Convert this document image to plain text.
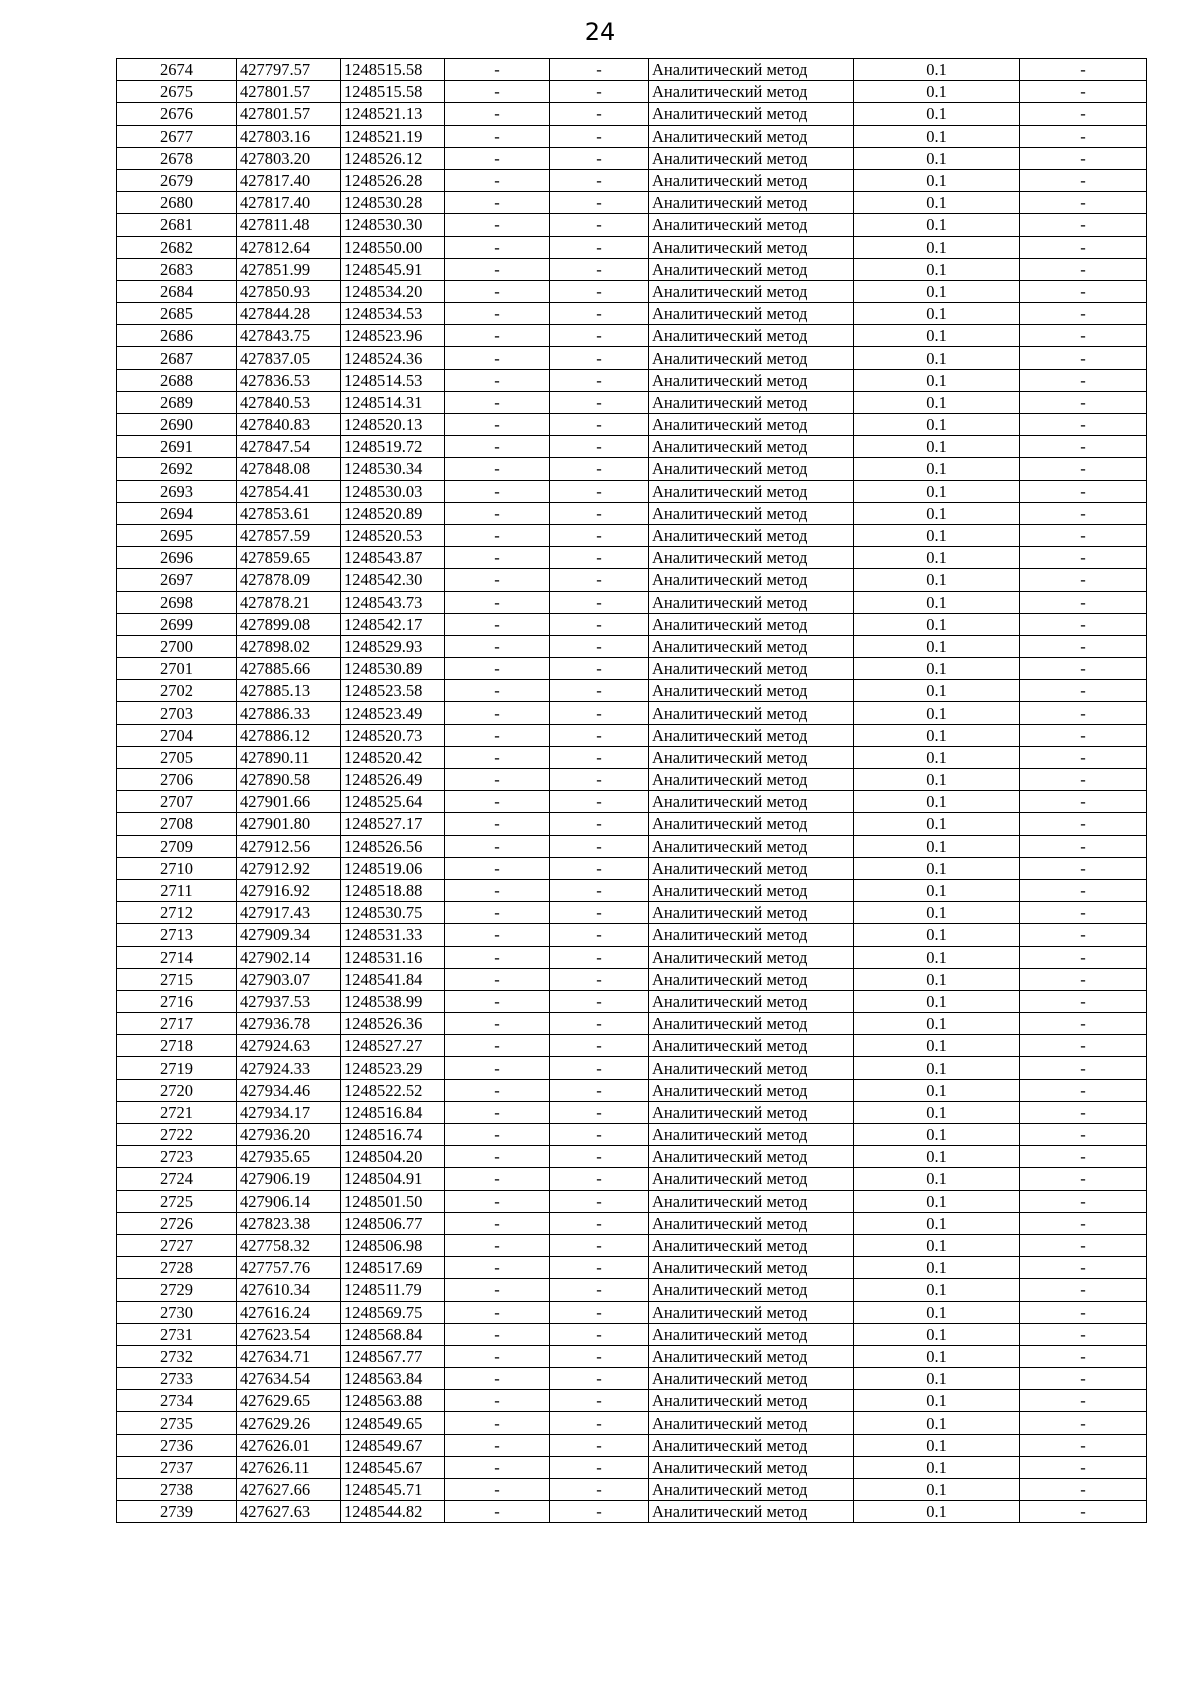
24
2674	427797.57	1248515.58	-	-	Аналитический метод	0.1	-
2675	427801.57	1248515.58	-	-	Аналитический метод	0.1	-
2676	427801.57	1248521.13	-	-	Аналитический метод	0.1	-
2677	427803.16	1248521.19	-	-	Аналитический метод	0.1	-
2678	427803.20	1248526.12	-	-	Аналитический метод	0.1	-
2679	427817.40	1248526.28	-	-	Аналитический метод	0.1	-
2680	427817.40	1248530.28	-	-	Аналитический метод	0.1	-
2681	427811.48	1248530.30	-	-	Аналитический метод	0.1	-
2682	427812.64	1248550.00	-	-	Аналитический метод	0.1	-
2683	427851.99	1248545.91	-	-	Аналитический метод	0.1	-
2684	427850.93	1248534.20	-	-	Аналитический метод	0.1	-
2685	427844.28	1248534.53	-	-	Аналитический метод	0.1	-
2686	427843.75	1248523.96	-	-	Аналитический метод	0.1	-
2687	427837.05	1248524.36	-	-	Аналитический метод	0.1	-
2688	427836.53	1248514.53	-	-	Аналитический метод	0.1	-
2689	427840.53	1248514.31	-	-	Аналитический метод	0.1	-
2690	427840.83	1248520.13	-	-	Аналитический метод	0.1	-
2691	427847.54	1248519.72	-	-	Аналитический метод	0.1	-
2692	427848.08	1248530.34	-	-	Аналитический метод	0.1	-
2693	427854.41	1248530.03	-	-	Аналитический метод	0.1	-
2694	427853.61	1248520.89	-	-	Аналитический метод	0.1	-
2695	427857.59	1248520.53	-	-	Аналитический метод	0.1	-
2696	427859.65	1248543.87	-	-	Аналитический метод	0.1	-
2697	427878.09	1248542.30	-	-	Аналитический метод	0.1	-
2698	427878.21	1248543.73	-	-	Аналитический метод	0.1	-
2699	427899.08	1248542.17	-	-	Аналитический метод	0.1	-
2700	427898.02	1248529.93	-	-	Аналитический метод	0.1	-
2701	427885.66	1248530.89	-	-	Аналитический метод	0.1	-
2702	427885.13	1248523.58	-	-	Аналитический метод	0.1	-
2703	427886.33	1248523.49	-	-	Аналитический метод	0.1	-
2704	427886.12	1248520.73	-	-	Аналитический метод	0.1	-
2705	427890.11	1248520.42	-	-	Аналитический метод	0.1	-
2706	427890.58	1248526.49	-	-	Аналитический метод	0.1	-
2707	427901.66	1248525.64	-	-	Аналитический метод	0.1	-
2708	427901.80	1248527.17	-	-	Аналитический метод	0.1	-
2709	427912.56	1248526.56	-	-	Аналитический метод	0.1	-
2710	427912.92	1248519.06	-	-	Аналитический метод	0.1	-
2711	427916.92	1248518.88	-	-	Аналитический метод	0.1	-
2712	427917.43	1248530.75	-	-	Аналитический метод	0.1	-
2713	427909.34	1248531.33	-	-	Аналитический метод	0.1	-
2714	427902.14	1248531.16	-	-	Аналитический метод	0.1	-
2715	427903.07	1248541.84	-	-	Аналитический метод	0.1	-
2716	427937.53	1248538.99	-	-	Аналитический метод	0.1	-
2717	427936.78	1248526.36	-	-	Аналитический метод	0.1	-
2718	427924.63	1248527.27	-	-	Аналитический метод	0.1	-
2719	427924.33	1248523.29	-	-	Аналитический метод	0.1	-
2720	427934.46	1248522.52	-	-	Аналитический метод	0.1	-
2721	427934.17	1248516.84	-	-	Аналитический метод	0.1	-
2722	427936.20	1248516.74	-	-	Аналитический метод	0.1	-
2723	427935.65	1248504.20	-	-	Аналитический метод	0.1	-
2724	427906.19	1248504.91	-	-	Аналитический метод	0.1	-
2725	427906.14	1248501.50	-	-	Аналитический метод	0.1	-
2726	427823.38	1248506.77	-	-	Аналитический метод	0.1	-
2727	427758.32	1248506.98	-	-	Аналитический метод	0.1	-
2728	427757.76	1248517.69	-	-	Аналитический метод	0.1	-
2729	427610.34	1248511.79	-	-	Аналитический метод	0.1	-
2730	427616.24	1248569.75	-	-	Аналитический метод	0.1	-
2731	427623.54	1248568.84	-	-	Аналитический метод	0.1	-
2732	427634.71	1248567.77	-	-	Аналитический метод	0.1	-
2733	427634.54	1248563.84	-	-	Аналитический метод	0.1	-
2734	427629.65	1248563.88	-	-	Аналитический метод	0.1	-
2735	427629.26	1248549.65	-	-	Аналитический метод	0.1	-
2736	427626.01	1248549.67	-	-	Аналитический метод	0.1	-
2737	427626.11	1248545.67	-	-	Аналитический метод	0.1	-
2738	427627.66	1248545.71	-	-	Аналитический метод	0.1	-
2739	427627.63	1248544.82	-	-	Аналитический метод	0.1	-
